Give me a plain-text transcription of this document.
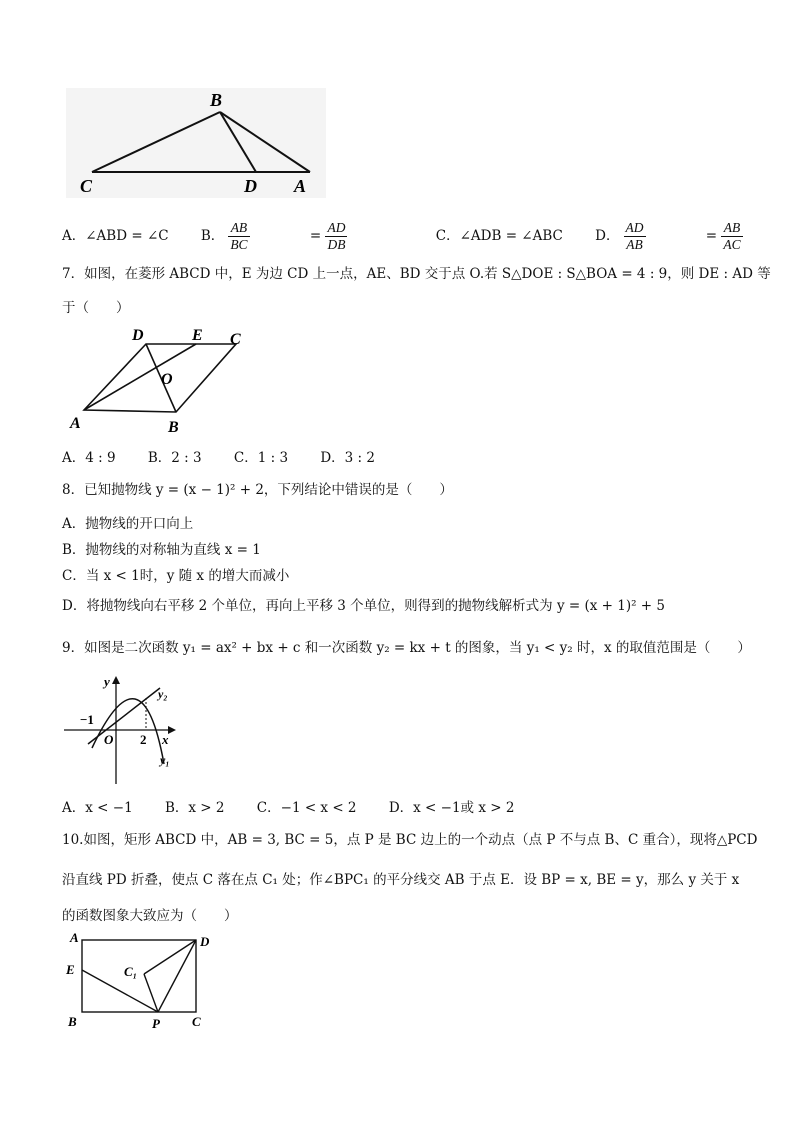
B
C	D A
A．∠ABD = ∠C B． $\frac{AB}{BC} = \frac{AD}{DB}$	C．∠ADB = ∠ABC D． $\frac{AD}{AB} = \frac{AB}{AC}$
7．如图，在菱形 ABCD 中，E 为边 CD 上一点，AE、BD 交于点 O.若 S△DOE : S△BOA = 4 : 9，则 DE : AD 等
于（　　）
D	E C
O
A	B
A．4 : 9 B．2 : 3 C．1 : 3 D．3 : 2
8．已知抛物线 y = (x − 1)² + 2，下列结论中错误的是（　　）
A．抛物线的开口向上
B．抛物线的对称轴为直线 x = 1
C．当 x < 1时，y 随 x 的增大而减小
D．将抛物线向右平移 2 个单位，再向上平移 3 个单位，则得到的抛物线解析式为 y = (x + 1)² + 5
9．如图是二次函数 y₁ = ax² + bx + c 和一次函数 y₂ = kx + t 的图象，当 y₁ < y₂ 时，x 的取值范围是（　　）
y
y₂
−1
O 2 x
y₁
A．x < −1 B．x > 2 C．−1 < x < 2 D．x < −1或 x > 2
10.如图，矩形 ABCD 中，AB = 3, BC = 5，点 P 是 BC 边上的一个动点（点 P 不与点 B、C 重合），现将△PCD
沿直线 PD 折叠，使点 C 落在点 C₁ 处；作∠BPC₁ 的平分线交 AB 于点 E．设 BP = x, BE = y，那么 y 关于 x
的函数图象大致应为（　　）
A	D
E	C₁
B	P C
